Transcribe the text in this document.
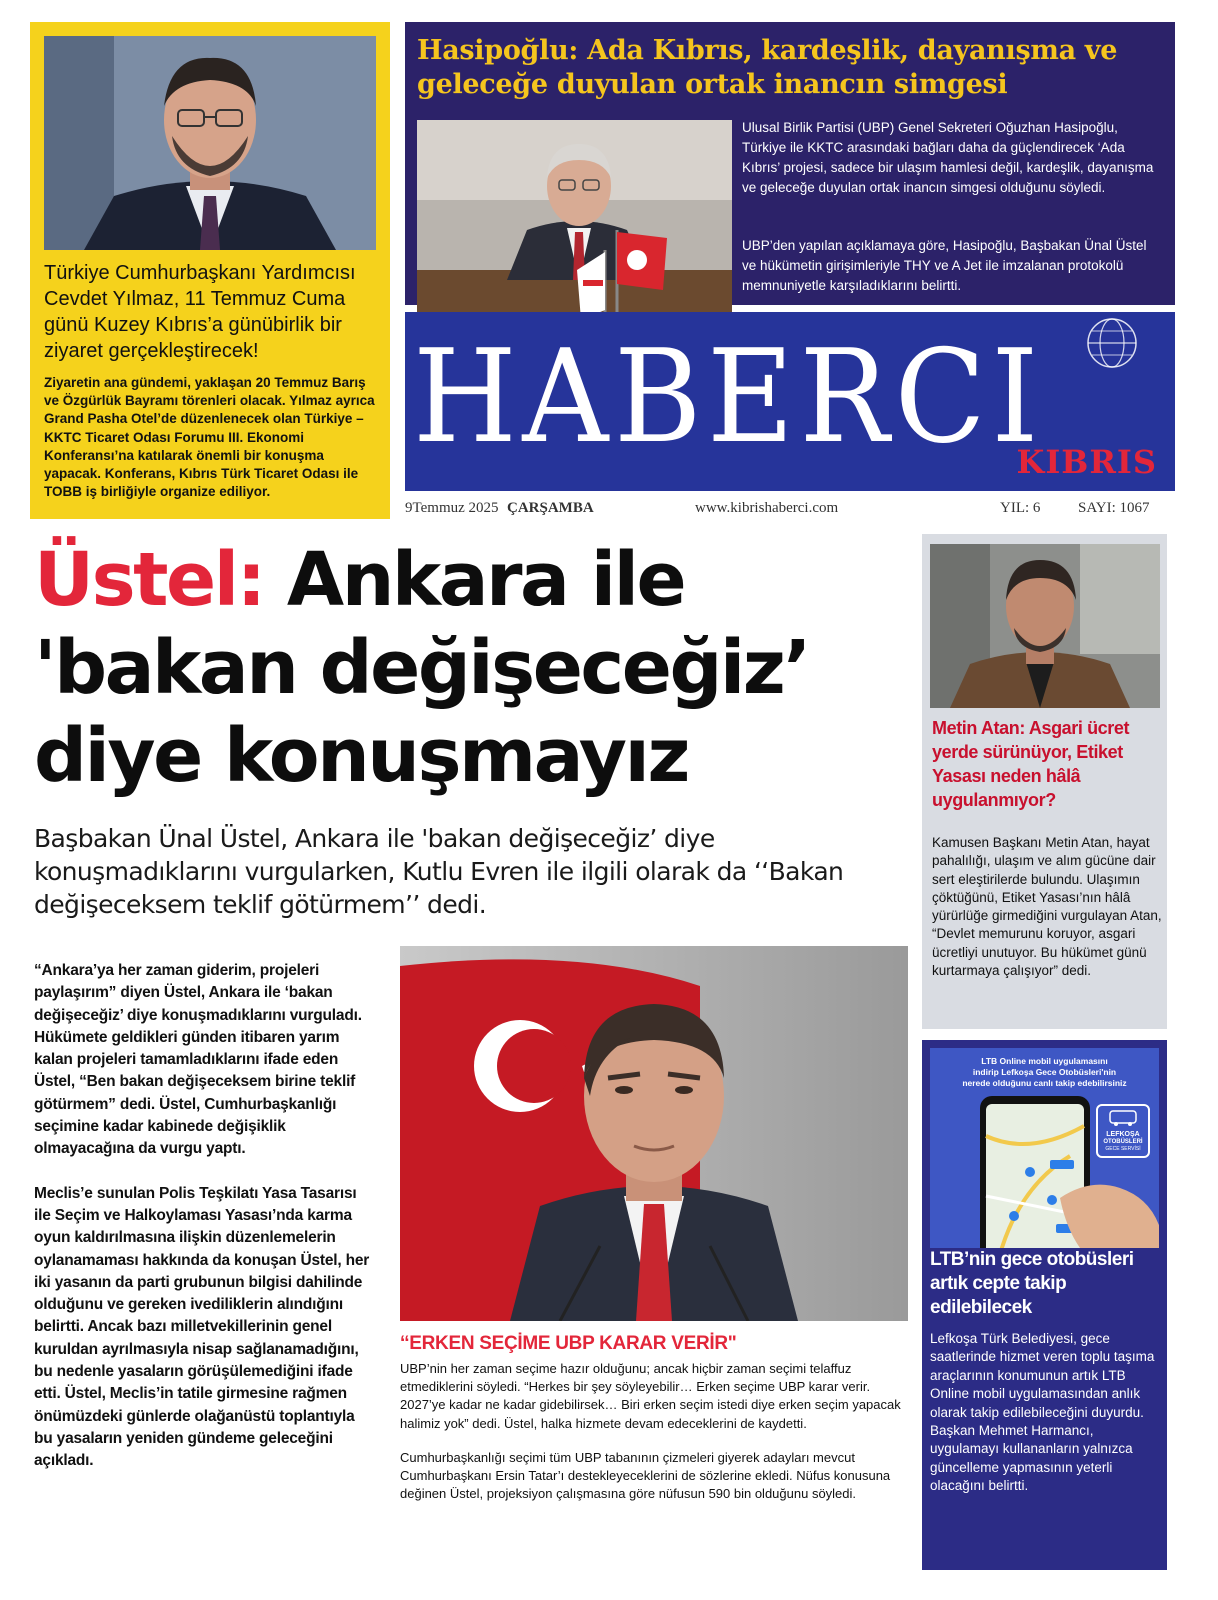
Türkiye Cumhurbaşkanı Yardımcısı Cevdet Yılmaz, 11 Temmuz Cuma günü Kuzey Kıbrıs’a günübirlik bir ziyaret gerçekleştirecek!
Ziyaretin ana gündemi, yaklaşan 20 Temmuz Barış ve Özgürlük Bayramı törenleri olacak. Yılmaz ayrıca Grand Pasha Otel’de düzenlenecek olan Türkiye – KKTC Ticaret Odası Forumu III. Ekonomi Konferansı’na katılarak önemli bir konuşma yapacak. Konferans, Kıbrıs Türk Ticaret Odası ile TOBB iş birliğiyle organize ediliyor.
Hasipoğlu: Ada Kıbrıs, kardeşlik, dayanışma ve geleceğe duyulan ortak inancın simgesi
Ulusal Birlik Partisi (UBP) Genel Sekreteri Oğuzhan Hasipoğlu, Türkiye ile KKTC arasındaki bağları daha da güçlendirecek ‘Ada Kıbrıs’ projesi, sadece bir ulaşım hamlesi değil, kardeşlik, dayanışma ve geleceğe duyulan ortak inancın simgesi olduğunu söyledi.
UBP’den yapılan açıklamaya göre, Hasipoğlu, Başbakan Ünal Üstel ve hükümetin girişimleriyle THY ve A Jet ile imzalanan protokolü memnuniyetle karşıladıklarını belirtti.
HABERCI
KIBRIS
9Temmuz 2025 ÇARŞAMBA	www.kibrishaberci.com	YIL: 6	SAYI: 1067
Üstel: Ankara ile
'bakan değişeceğiz’
diye konuşmayız
Başbakan Ünal Üstel, Ankara ile 'bakan değişeceğiz’ diye konuşmadıklarını vurgularken, Kutlu Evren ile ilgili olarak da ‘‘Bakan değişeceksem teklif götürmem’’ dedi.

“Ankara’ya her zaman giderim, projeleri paylaşırım” diyen Üstel, Ankara ile ‘bakan değişeceğiz’ diye konuşmadıklarını vurguladı. Hükümete geldikleri günden itibaren yarım kalan projeleri tamamladıklarını ifade eden Üstel, “Ben bakan değişeceksem birine teklif götürmem” dedi. Üstel, Cumhurbaşkanlığı seçimine kadar kabinede değişiklik olmayacağına da vurgu yaptı.

Meclis’e sunulan Polis Teşkilatı Yasa Tasarısı ile Seçim ve Halkoylaması Yasası’nda karma oyun kaldırılmasına ilişkin düzenlemelerin oylanamaması hakkında da konuşan Üstel, her iki yasanın da parti grubunun bilgisi dahilinde olduğunu ve gereken ivediliklerin alındığını belirtti. Ancak bazı milletvekillerinin genel kuruldan ayrılmasıyla nisap sağlanamadığını, bu nedenle yasaların görüşülemediğini ifade etti. Üstel, Meclis’in tatile girmesine rağmen önümüzdeki günlerde olağanüstü toplantıyla bu yasaların yeniden gündeme geleceğini açıkladı.

‘‘ERKEN SEÇİME UBP KARAR VERİR"

UBP’nin her zaman seçime hazır olduğunu; ancak hiçbir zaman seçimi telaffuz etmediklerini söyledi. “Herkes bir şey söyleyebilir… Erken seçime UBP karar verir. 2027’ye kadar ne kadar gidebilirsek… Biri erken seçim istedi diye erken seçim yapacak halimiz yok” dedi. Üstel, halka hizmete devam edeceklerini de kaydetti.

Cumhurbaşkanlığı seçimi tüm UBP tabanının çizmeleri giyerek adayları mevcut Cumhurbaşkanı Ersin Tatar’ı destekleyeceklerini de sözlerine ekledi. Nüfus konusuna değinen Üstel, projeksiyon çalışmasına göre nüfusun 590 bin olduğunu söyledi.

Metin Atan: Asgari ücret yerde sürünüyor, Etiket Yasası neden hâlâ uygulanmıyor?
Kamusen Başkanı Metin Atan, hayat pahalılığı, ulaşım ve alım gücüne dair sert eleştirilerde bulundu. Ulaşımın çöktüğünü, Etiket Yasası’nın hâlâ yürürlüğe girmediğini vurgulayan Atan, “Devlet memurunu koruyor, asgari ücretliyi unutuyor. Bu hükümet günü kurtarmaya çalışıyor” dedi.
LTB Online mobil uygulamasını
indirip Lefkoşa Gece Otobüsleri'nin
nerede olduğunu canlı takip edebilirsiniz
LEFKOŞA
OTOBÜSLERİ
GECE SERVİSİ
LTB’nin gece otobüsleri artık cepte takip edilebilecek
Lefkoşa Türk Belediyesi, gece saatlerinde hizmet veren toplu taşıma araçlarının konumunun artık LTB Online mobil uygulamasından anlık olarak takip edilebileceğini duyurdu. Başkan Mehmet Harmancı, uygulamayı kullananların yalnızca güncelleme yapmasının yeterli olacağını belirtti.
